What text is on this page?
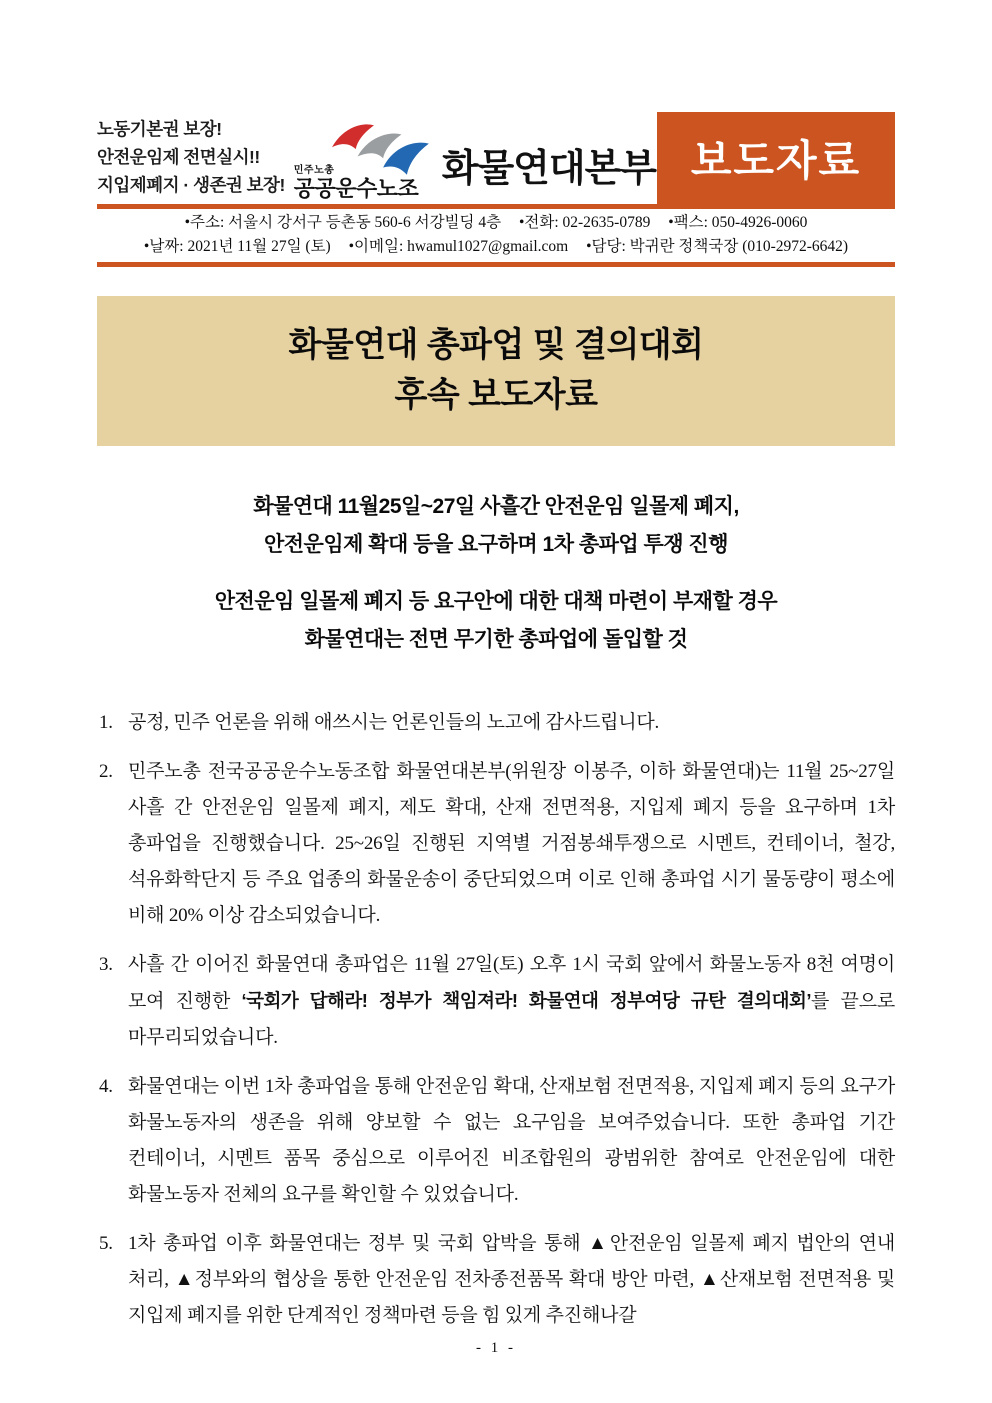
노동기본권 보장!
안전운임제 전면실시!!
지입제폐지 · 생존권 보장!
민주노총
공공운수노조 화물연대본부 보도자료
•주소: 서울시 강서구 등촌동 560-6 서강빌딩 4층 •전화: 02-2635-0789 •팩스: 050-4926-0060
•날짜: 2021년 11월 27일 (토) •이메일: hwamul1027@gmail.com •담당: 박귀란 정책국장 (010-2972-6642)
화물연대 총파업 및 결의대회
후속 보도자료
화물연대 11월25일~27일 사흘간 안전운임 일몰제 폐지,
안전운임제 확대 등을 요구하며 1차 총파업 투쟁 진행
안전운임 일몰제 폐지 등 요구안에 대한 대책 마련이 부재할 경우
화물연대는 전면 무기한 총파업에 돌입할 것
1. 공정, 민주 언론을 위해 애쓰시는 언론인들의 노고에 감사드립니다.
2. 민주노총 전국공공운수노동조합 화물연대본부(위원장 이봉주, 이하 화물연대)는 11월 25~27일 사흘 간 안전운임 일몰제 폐지, 제도 확대, 산재 전면적용, 지입제 폐지 등을 요구하며 1차 총파업을 진행했습니다. 25~26일 진행된 지역별 거점봉쇄투쟁으로 시멘트, 컨테이너, 철강, 석유화학단지 등 주요 업종의 화물운송이 중단되었으며 이로 인해 총파업 시기 물동량이 평소에 비해 20% 이상 감소되었습니다.
3. 사흘 간 이어진 화물연대 총파업은 11월 27일(토) 오후 1시 국회 앞에서 화물노동자 8천 여명이 모여 진행한 ‘국회가 답해라! 정부가 책임져라! 화물연대 정부여당 규탄 결의대회’를 끝으로 마무리되었습니다.
4. 화물연대는 이번 1차 총파업을 통해 안전운임 확대, 산재보험 전면적용, 지입제 폐지 등의 요구가 화물노동자의 생존을 위해 양보할 수 없는 요구임을 보여주었습니다. 또한 총파업 기간 컨테이너, 시멘트 품목 중심으로 이루어진 비조합원의 광범위한 참여로 안전운임에 대한 화물노동자 전체의 요구를 확인할 수 있었습니다.
5. 1차 총파업 이후 화물연대는 정부 및 국회 압박을 통해 ▲안전운임 일몰제 폐지 법안의 연내 처리, ▲정부와의 협상을 통한 안전운임 전차종전품목 확대 방안 마련, ▲산재보험 전면적용 및 지입제 폐지를 위한 단계적인 정책마련 등을 힘 있게 추진해나갈
- 1 -
